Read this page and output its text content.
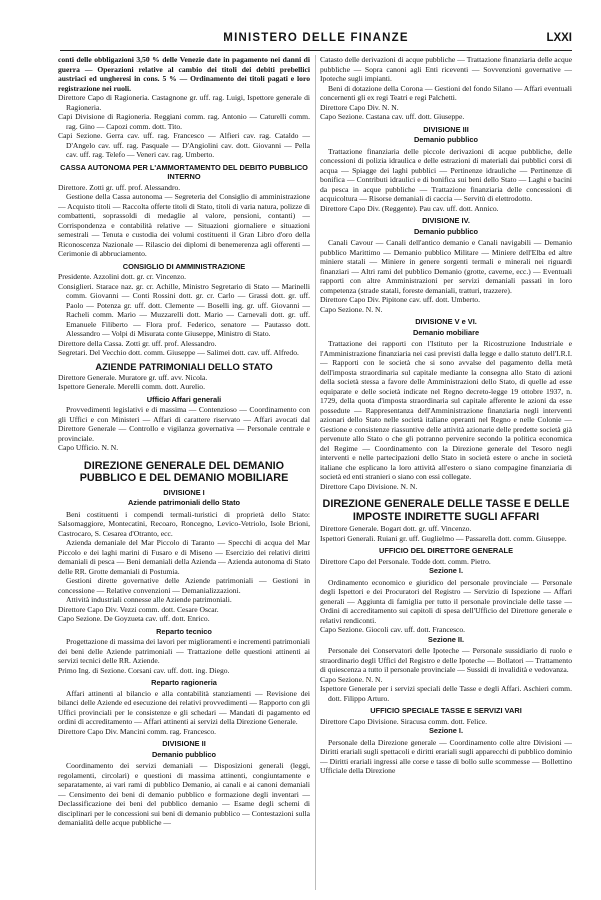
MINISTERO DELLE FINANZE	LXXI

conti delle obbligazioni 3,50 % delle Venezie date in pagamento nei danni di guerra — Operazioni relative al cambio dei titoli dei debiti prebellici austriaci ed ungheresi in cons. 5 % — Ordinamento dei titoli pagati e loro registrazione nei ruoli.

Direttore Capo di Ragioneria. Castagnone gr. uff. rag. Luigi, Ispettore generale di Ragioneria.

Capi Divisione di Ragioneria. Reggiani comm. rag. Antonio — Caturelli comm. rag. Gino — Capozi comm. dott. Tito.

Capi Sezione. Gerra cav. uff. rag. Francesco — Alfieri cav. rag. Cataldo — D'Angelo cav. uff. rag. Pasquale — D'Angiolini cav. dott. Giovanni — Pella cav. uff. rag. Telefo — Veneri cav. rag. Umberto.

CASSA AUTONOMA PER L'AMMORTAMENTO DEL DEBITO PUBBLICO INTERNO

Direttore. Zotti gr. uff. prof. Alessandro.

Gestione della Cassa autonoma — Segreteria del Consiglio di amministrazione — Acquisto titoli — Raccolta offerte titoli di Stato, titoli di varia natura, polizze di combattenti, soprassoldi di medaglie al valore, pensioni, contanti) — Corrispondenza e contabilità relative — Situazioni giornaliere e situazioni semestrali — Tenuta e custodia dei volumi costituenti il Gran Libro d'oro della Riconoscenza Nazionale — Rilascio dei diplomi di benemerenza agli offerenti — Cerimonie di abbruciamento.

CONSIGLIO DI AMMINISTRAZIONE

Presidente. Azzolini dott. gr. cr. Vincenzo.

Consiglieri. Starace naz. gr. cr. Achille, Ministro Segretario di Stato — Marinelli comm. Giovanni — Conti Rossini dott. gr. cr. Carlo — Grassi dott. gr. uff. Paolo — Potenza gr. uff. dott. Clemente — Boselli ing. gr. uff. Giovanni — Racheli comm. Mario — Muzzarelli dott. Mario — Carnevali dott. gr. uff. Emanuele Filiberto — Flora prof. Federico, senatore — Pautasso dott. Alessandro — Volpi di Misurata conte Giuseppe, Ministro di Stato.

Direttore della Cassa. Zotti gr. uff. prof. Alessandro.

Segretari. Del Vecchio dott. comm. Giuseppe — Salimei dott. cav. uff. Alfredo.

AZIENDE PATRIMONIALI DELLO STATO

Direttore Generale. Muratore gr. uff. avv. Nicola.

Ispettore Generale. Merelli comm. dott. Aurelio.

Ufficio Affari generali

Provvedimenti legislativi e di massima — Contenzioso — Coordinamento con gli Uffici e con Ministeri — Affari di carattere riservato — Affari avocati dal Direttore Generale — Controllo e vigilanza governativa — Personale centrale e provinciale.

Capo Ufficio. N. N.

DIREZIONE GENERALE DEL DEMANIO PUBBLICO E DEL DEMANIO MOBILIARE
DIVISIONE I
Aziende patrimoniali dello Stato

Beni costituenti i compendi termali-turistici di proprietà dello Stato: Salsomaggiore, Montecatini, Recoaro, Roncegno, Levico-Vetriolo, Isole Brioni, Castrocaro, S. Cesarea d'Otranto, ecc.

Azienda demaniale del Mar Piccolo di Taranto — Specchi di acqua del Mar Piccolo e dei laghi marini di Fusaro e di Miseno — Esercizio dei relativi diritti demaniali di pesca — Beni demaniali della Azienda — Azienda autonoma di Stato delle RR. Grotte demaniali di Postumia.

Gestioni dirette governative delle Aziende patrimoniali — Gestioni in concessione — Relative convenzioni — Demanializzazioni.

Attività industriali connesse alle Aziende patrimoniali.

Direttore Capo Div. Vezzi comm. dott. Cesare Oscar.

Capo Sezione. De Goyzueta cav. uff. dott. Enrico.

Reparto tecnico

Progettazione di massima dei lavori per miglioramenti e incrementi patrimoniali dei beni delle Aziende patrimoniali — Trattazione delle questioni attinenti ai servizi tecnici delle RR. Aziende.

Primo Ing. di Sezione. Corsani cav. uff. dott. ing. Diego.

Reparto ragioneria

Affari attinenti al bilancio e alla contabilità stanziamenti — Revisione dei bilanci delle Aziende ed esecuzione dei relativi provvedimenti — Rapporto con gli Uffici provinciali per le consistenze e gli schedari — Mandati di pagamento ed ordini di accreditamento — Affari attinenti ai servizi della Direzione Generale.

Direttore Capo Div. Mancini comm. rag. Francesco.

DIVISIONE II
Demanio pubblico

Coordinamento dei servizi demaniali — Disposizioni generali (leggi, regolamenti, circolari) e questioni di massima attinenti, congiuntamente e separatamente, ai vari rami di pubblico Demanio, ai canali e ai canoni demaniali — Censimento dei beni di demanio pubblico e formazione degli inventari — Declassificazione dei beni del pubblico demanio — Esame degli schemi di disciplinari per le concessioni sui beni di demanio pubblico — Contestazioni sulla demanialità delle acque pubbliche —

Catasto delle derivazioni di acque pubbliche — Trattazione finanziaria delle acque pubbliche — Sopra canoni agli Enti riceventi — Sovvenzioni governative — Ipoteche sugli impianti.

Beni di dotazione della Corona — Gestioni del fondo Silano — Affari eventuali concernenti gli ex regi Teatri e regi Palchetti.

Direttore Capo Div. N. N.

Capo Sezione. Castana cav. uff. dott. Giuseppe.

DIVISIONE III
Demanio pubblico

Trattazione finanziaria delle piccole derivazioni di acque pubbliche, delle concessioni di polizia idraulica e delle estrazioni di materiali dai pubblici corsi di acqua — Spiagge dei laghi pubblici — Pertinenze idrauliche — Pertinenze di bonifica — Contributi idraulici e di bonifica sui beni dello Stato — Laghi e bacini da pesca in acque pubbliche — Trattazione finanziaria delle concessioni di acquicoltura — Risorse demaniali di caccia — Servitù di elettrodotto.

Direttore Capo Div. (Reggente). Pau cav. uff. dott. Annico.

DIVISIONE IV.
Demanio pubblico

Canali Cavour — Canali dell'antico demanio e Canali navigabili — Demanio pubblico Marittimo — Demanio pubblico Militare — Miniere dell'Elba ed altre miniere statali — Miniere in genere sorgenti termali e minerali nei riguardi finanziari — Altri rami del pubblico Demanio (grotte, caverne, ecc.) — Eventuali rapporti con altre Amministrazioni per servizi demaniali passati in loro competenza (strade statali, foreste demaniali, tratturi, trazzere).

Direttore Capo Div. Pipitone cav. uff. dott. Umberto.

Capo Sezione. N. N.

DIVISIONE V e VI.
Demanio mobiliare

Trattazione dei rapporti con l'Istituto per la Ricostruzione Industriale e l'Amministrazione finanziaria nei casi previsti dalla legge e dallo statuto dell'I.R.I. — Rapporti con le società che si sono avvalse del pagamento della metà dell'imposta straordinaria sul capitale mediante la consegna allo Stato di azioni della società stessa a favore delle Amministrazioni dello Stato, di quelle ad esse equiparate e delle società indicate nel Regno decreto-legge 19 ottobre 1937, n. 1729, della quota d'imposta straordinaria sul capitale afferente le azioni da esse possedute — Rappresentanza dell'Amministrazione finanziaria negli interventi azionari dello Stato nelle società italiane operanti nel Regno e nelle Colonie — Gestione e consistenze riassuntive delle attività azionarie delle predette società già pervenute allo Stato o che gli potranno pervenire secondo la politica economica del Regime — Coordinamento con la Direzione generale del Tesoro negli interventi e nelle partecipazioni dello Stato in società estere o anche in società italiane che esplicano la loro attività all'estero o siano compagine finanziaria di società ed enti stranieri o siano con essi collegate.

Direttore Capo Divisione. N. N.

DIREZIONE GENERALE DELLE TASSE E DELLE IMPOSTE INDIRETTE SUGLI AFFARI

Direttore Generale. Bogart dott. gr. uff. Vincenzo.

Ispettori Generali. Ruiani gr. uff. Guglielmo — Passarella dott. comm. Giuseppe.

UFFICIO DEL DIRETTORE GENERALE

Direttore Capo del Personale. Todde dott. comm. Pietro.

Sezione I.

Ordinamento economico e giuridico del personale provinciale — Personale degli Ispettori e dei Procuratori del Registro — Servizio di Ispezione — Affari generali — Aggiunta di famiglia per tutto il personale provinciale delle tasse — Ordini di accreditamento sui capitoli di spesa dell'Ufficio del Direttore generale e relativi rendiconti.

Capo Sezione. Giocoli cav. uff. dott. Francesco.

Sezione II.

Personale dei Conservatori delle Ipoteche — Personale sussidiario di ruolo e straordinario degli Uffici del Registro e delle Ipoteche — Bollatori — Trattamento di quiescenza a tutto il personale provinciale — Sussidi di invalidità e vedovanza.

Capo Sezione. N. N.

Ispettore Generale per i servizi speciali delle Tasse e degli Affari. Aschieri comm. dott. Filippo Arturo.

UFFICIO SPECIALE TASSE E SERVIZI VARI

Direttore Capo Divisione. Siracusa comm. dott. Felice.

Sezione I.

Personale della Direzione generale — Coordinamento colle altre Divisioni — Diritti erariali sugli spettacoli e diritti erariali sugli apparecchi di pubblico dominio — Diritti erariali ingressi alle corse e tasse di bollo sulle scommesse — Bollettino Ufficiale della Direzione
